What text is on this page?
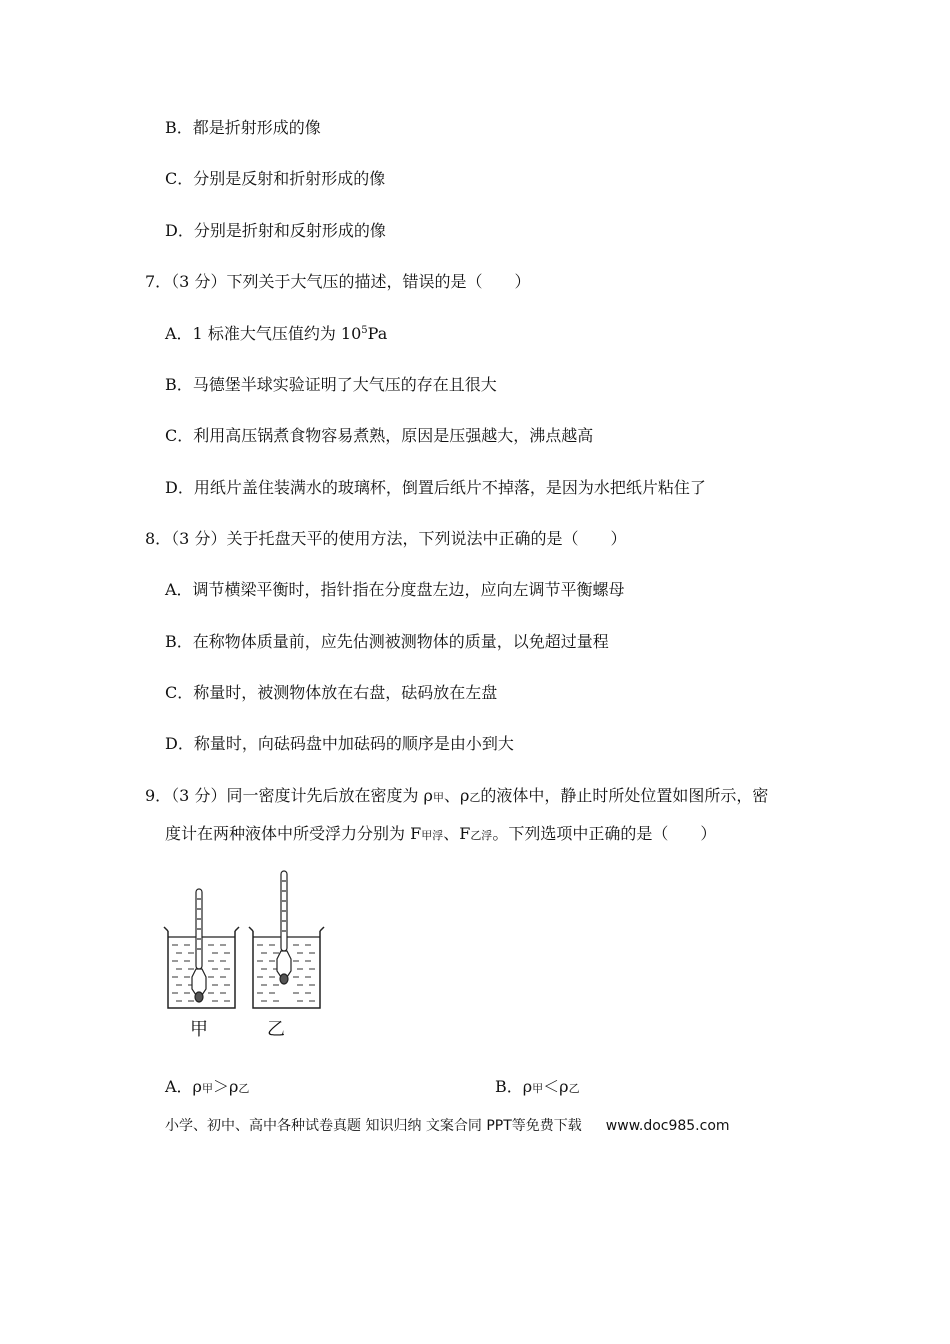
B．都是折射形成的像
C．分别是反射和折射形成的像
D．分别是折射和反射形成的像
7．（3 分）下列关于大气压的描述，错误的是（　　）
A．1 标准大气压值约为 $10^5Pa$
B．马德堡半球实验证明了大气压的存在且很大
C．利用高压锅煮食物容易煮熟，原因是压强越大，沸点越高
D．用纸片盖住装满水的玻璃杯，倒置后纸片不掉落，是因为水把纸片粘住了
8．（3 分）关于托盘天平的使用方法，下列说法中正确的是（　　）
A．调节横梁平衡时，指针指在分度盘左边，应向左调节平衡螺母
B．在称物体质量前，应先估测被测物体的质量，以免超过量程
C．称量时，被测物体放在右盘，砝码放在左盘
D．称量时，向砝码盘中加砝码的顺序是由小到大
9．（3 分）同一密度计先后放在密度为 ρ甲、ρ乙的液体中，静止时所处位置如图所示，密
度计在两种液体中所受浮力分别为 F甲浮、F乙浮。下列选项中正确的是（　　）
甲	乙
A．ρ甲＞ρ乙	B．ρ甲＜ρ乙
小学、初中、高中各种试卷真题 知识归纳 文案合同 PPT等免费下载 www.doc985.com
